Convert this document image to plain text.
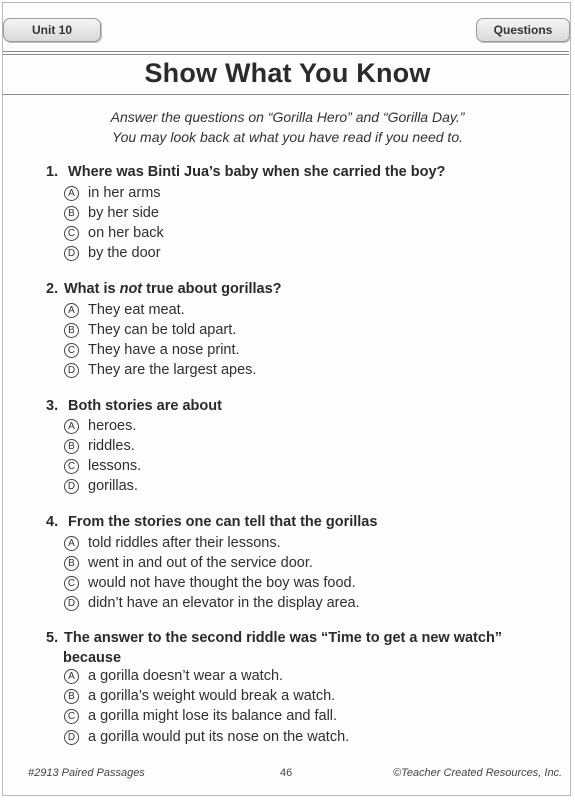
Unit 10	Questions
Show What You Know
Answer the questions on “Gorilla Hero” and “Gorilla Day.”
You may look back at what you have read if you need to.
1. Where was Binti Jua’s baby when she carried the boy?
A in her arms
B by her side
C on her back
D by the door
2. What is not true about gorillas?
A They eat meat.
B They can be told apart.
C They have a nose print.
D They are the largest apes.
3. Both stories are about
A heroes.
B riddles.
C lessons.
D gorillas.
4. From the stories one can tell that the gorillas
A told riddles after their lessons.
B went in and out of the service door.
C would not have thought the boy was food.
D didn’t have an elevator in the display area.
5. The answer to the second riddle was “Time to get a new watch”
because
A a gorilla doesn’t wear a watch.
B a gorilla’s weight would break a watch.
C a gorilla might lose its balance and fall.
D a gorilla would put its nose on the watch.
#2913 Paired Passages	46	©Teacher Created Resources, Inc.
